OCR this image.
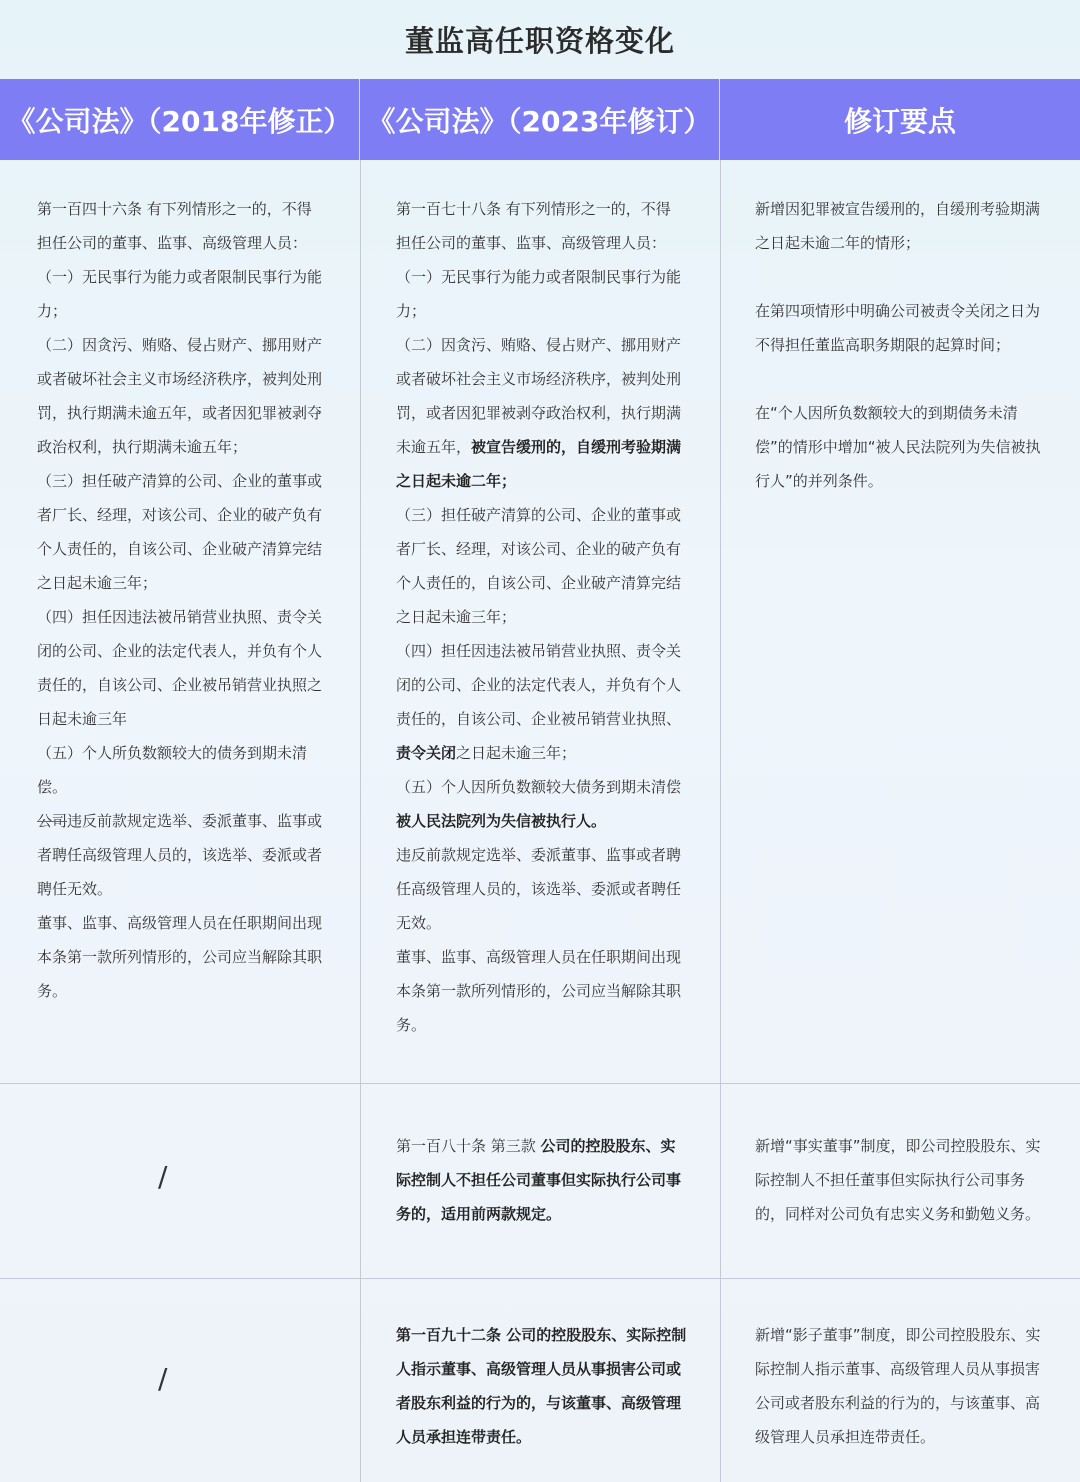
董监高任职资格变化
《公司法》（2018年修正） 《公司法》（2023年修订）	修订要点

第一百四十六条 有下列情形之一的，不得担任公司的董事、监事、高级管理人员：

（一）无民事行为能力或者限制民事行为能力；

（二）因贪污、贿赂、侵占财产、挪用财产或者破坏社会主义市场经济秩序，被判处刑罚，执行期满未逾五年，或者因犯罪被剥夺政治权利，执行期满未逾五年；

（三）担任破产清算的公司、企业的董事或者厂长、经理，对该公司、企业的破产负有个人责任的，自该公司、企业破产清算完结之日起未逾三年；

（四）担任因违法被吊销营业执照、责令关闭的公司、企业的法定代表人，并负有个人责任的，自该公司、企业被吊销营业执照之日起未逾三年

（五）个人所负数额较大的债务到期未清偿。

公司违反前款规定选举、委派董事、监事或者聘任高级管理人员的，该选举、委派或者聘任无效。

董事、监事、高级管理人员在任职期间出现本条第一款所列情形的，公司应当解除其职务。

第一百七十八条 有下列情形之一的，不得担任公司的董事、监事、高级管理人员：

（一）无民事行为能力或者限制民事行为能力；

（二）因贪污、贿赂、侵占财产、挪用财产或者破坏社会主义市场经济秩序，被判处刑罚，或者因犯罪被剥夺政治权利，执行期满未逾五年，被宣告缓刑的，自缓刑考验期满之日起未逾二年；

（三）担任破产清算的公司、企业的董事或者厂长、经理，对该公司、企业的破产负有个人责任的，自该公司、企业破产清算完结之日起未逾三年；

（四）担任因违法被吊销营业执照、责令关闭的公司、企业的法定代表人，并负有个人责任的，自该公司、企业被吊销营业执照、责令关闭之日起未逾三年；

（五）个人因所负数额较大债务到期未清偿被人民法院列为失信被执行人。

违反前款规定选举、委派董事、监事或者聘任高级管理人员的，该选举、委派或者聘任无效。

董事、监事、高级管理人员在任职期间出现本条第一款所列情形的，公司应当解除其职务。

新增因犯罪被宣告缓刑的，自缓刑考验期满之日起未逾二年的情形；

在第四项情形中明确公司被责令关闭之日为不得担任董监高职务期限的起算时间；

在“个人因所负数额较大的到期债务未清偿”的情形中增加“被人民法院列为失信被执行人”的并列条件。

/

第一百八十条 第三款 公司的控股股东、实际控制人不担任公司董事但实际执行公司事务的，适用前两款规定。

新增“事实董事”制度，即公司控股股东、实际控制人不担任董事但实际执行公司事务的，同样对公司负有忠实义务和勤勉义务。

/

第一百九十二条 公司的控股股东、实际控制人指示董事、高级管理人员从事损害公司或者股东利益的行为的，与该董事、高级管理人员承担连带责任。

新增“影子董事”制度，即公司控股股东、实际控制人指示董事、高级管理人员从事损害公司或者股东利益的行为的，与该董事、高级管理人员承担连带责任。
